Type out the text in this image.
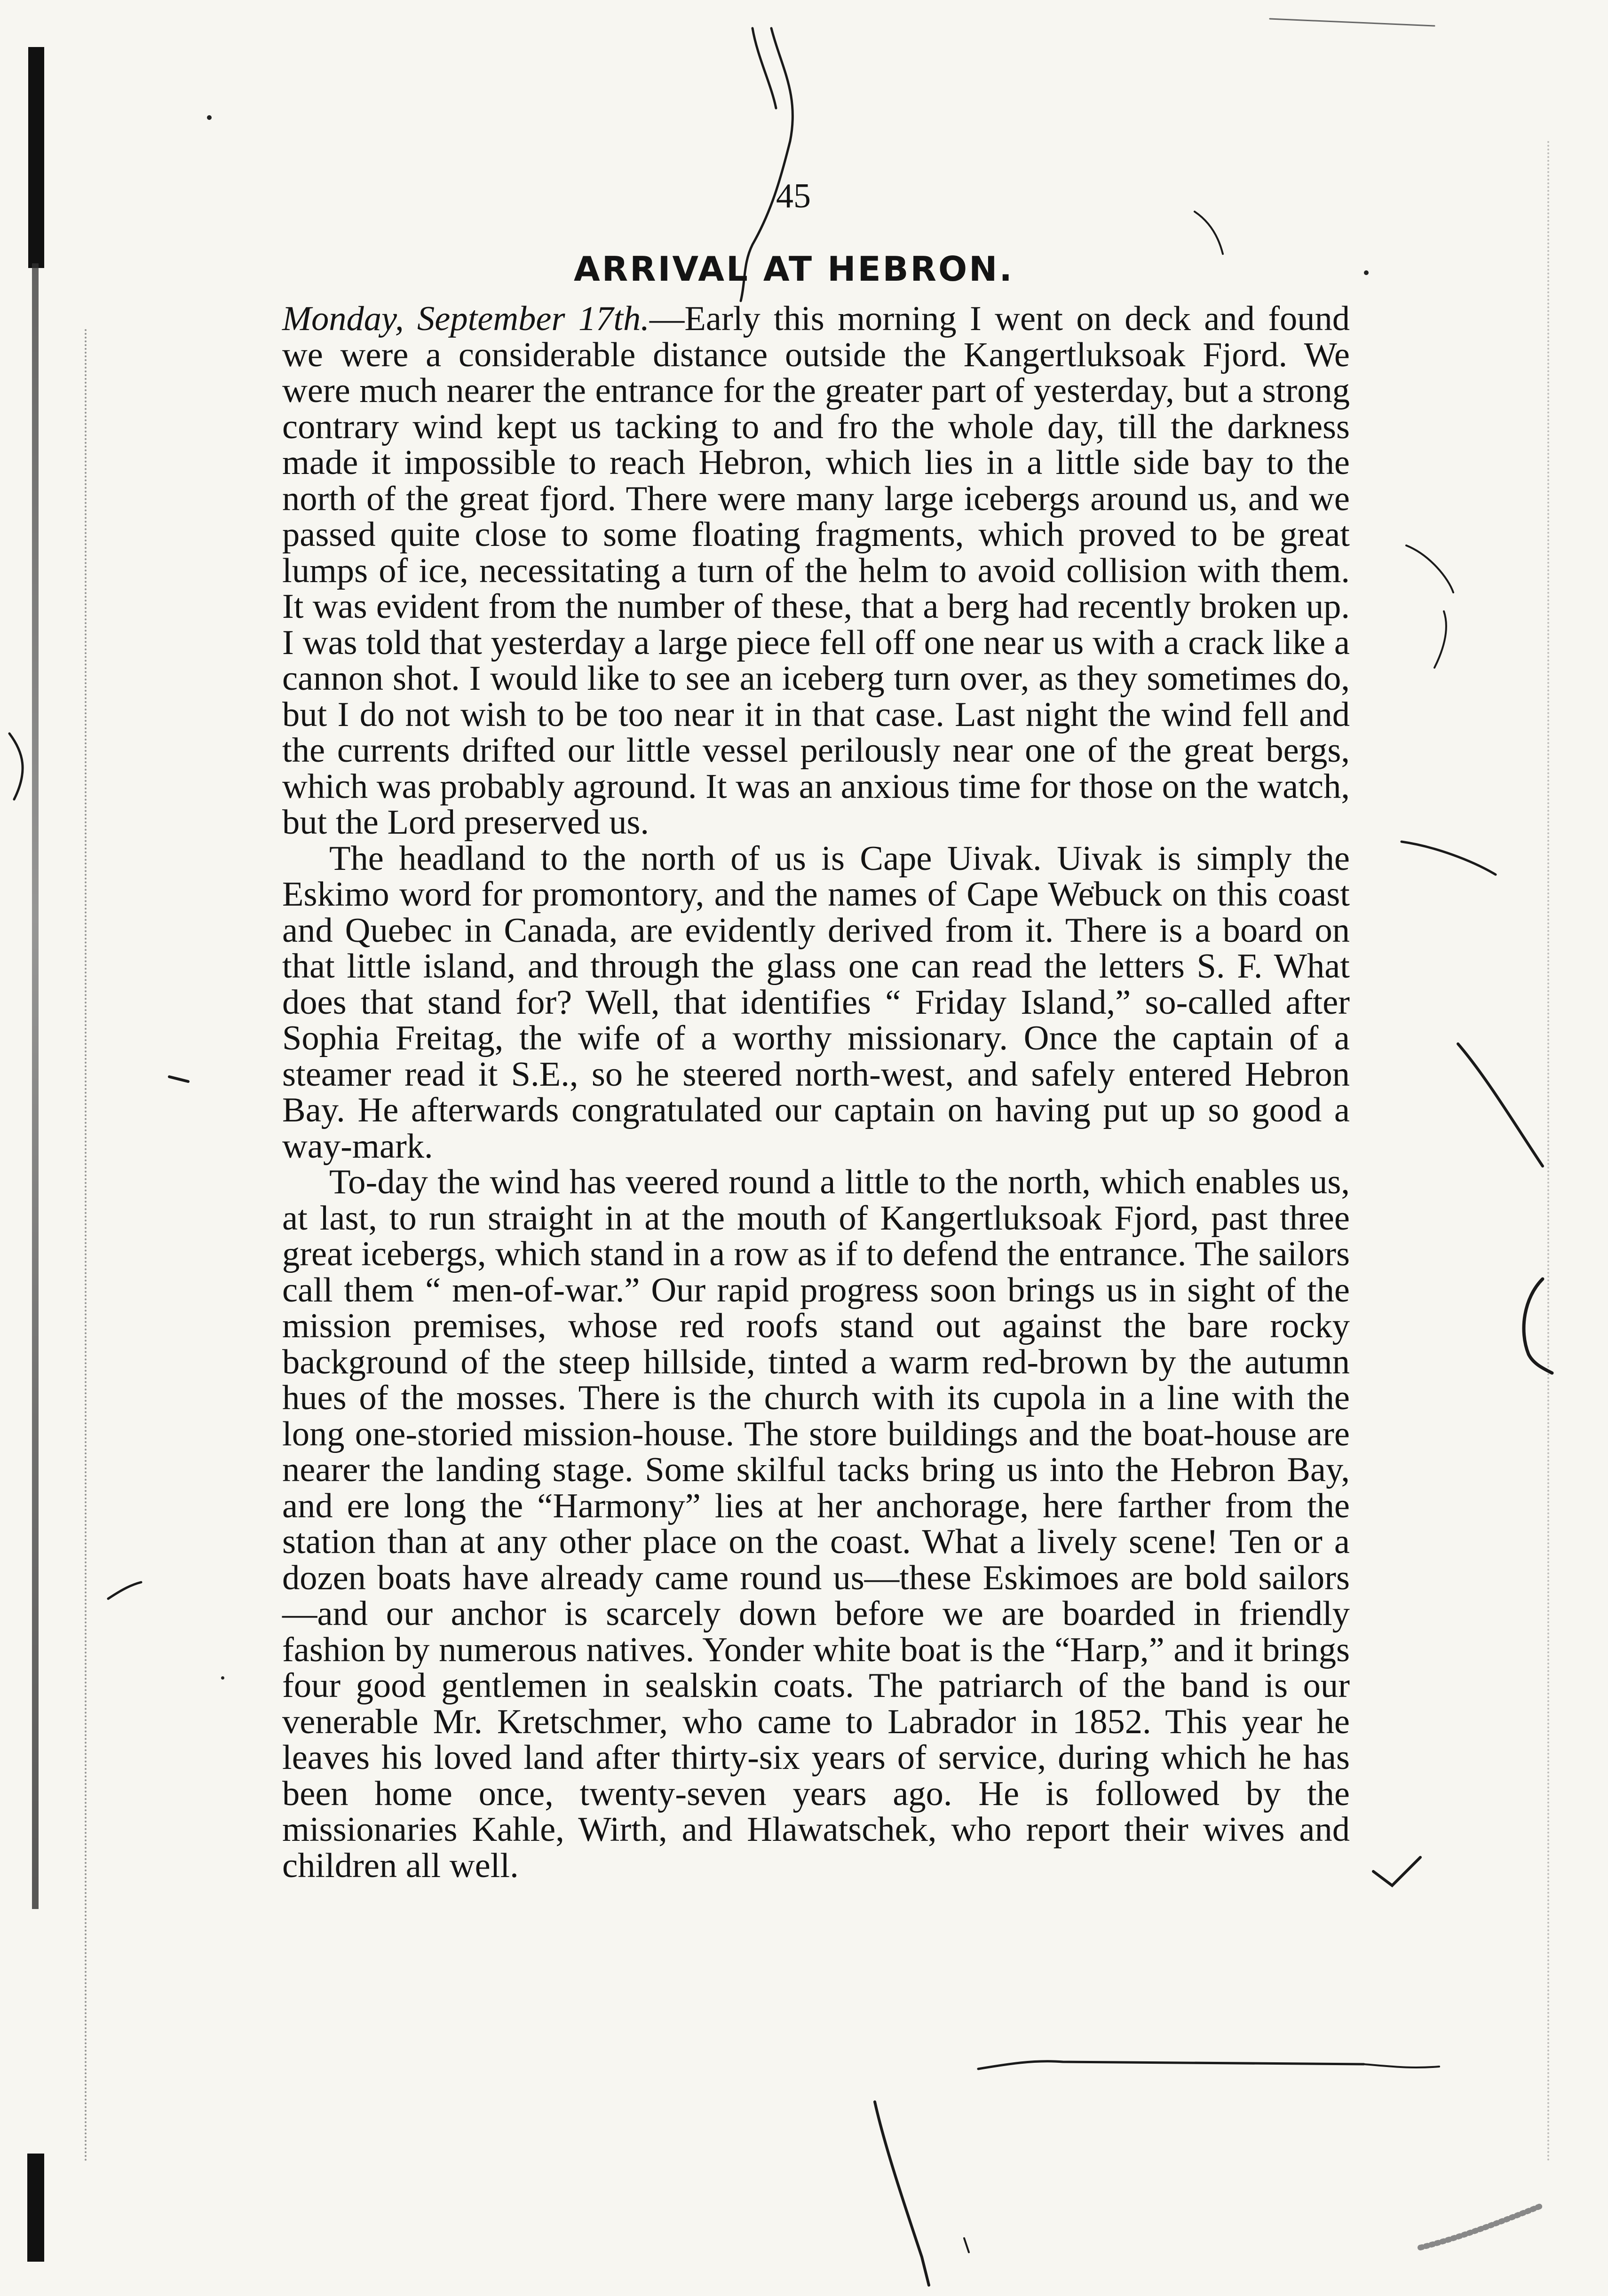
45
ARRIVAL AT HEBRON.

Monday, September 17th.—Early this morning I went on deck and found we were a considerable distance outside the Kangertluksoak Fjord. We were much nearer the entrance for the greater part of yesterday, but a strong contrary wind kept us tacking to and fro the whole day, till the darkness made it impossible to reach Hebron, which lies in a little side bay to the north of the great fjord. There were many large icebergs around us, and we passed quite close to some floating fragments, which proved to be great lumps of ice, necessitating a turn of the helm to avoid collision with them. It was evident from the number of these, that a berg had recently broken up. I was told that yesterday a large piece fell off one near us with a crack like a cannon shot. I would like to see an iceberg turn over, as they sometimes do, but I do not wish to be too near it in that case. Last night the wind fell and the currents drifted our little vessel perilously near one of the great bergs, which was probably aground. It was an anxious time for those on the watch, but the Lord preserved us.

The headland to the north of us is Cape Uivak. Uivak is simply the Eskimo word for promontory, and the names of Cape Webuck on this coast and Quebec in Canada, are evidently derived from it. There is a board on that little island, and through the glass one can read the letters S. F. What does that stand for? Well, that identifies “ Friday Island,” so-called after Sophia Freitag, the wife of a worthy missionary. Once the captain of a steamer read it S.E., so he steered north-west, and safely entered Hebron Bay. He afterwards congratulated our captain on having put up so good a way-mark.

To-day the wind has veered round a little to the north, which enables us, at last, to run straight in at the mouth of Kangertluksoak Fjord, past three great icebergs, which stand in a row as if to defend the entrance. The sailors call them “ men-of-war.” Our rapid progress soon brings us in sight of the mission premises, whose red roofs stand out against the bare rocky background of the steep hillside, tinted a warm red-brown by the autumn hues of the mosses. There is the church with its cupola in a line with the long one-storied mission-house. The store buildings and the boat-house are nearer the landing stage. Some skilful tacks bring us into the Hebron Bay, and ere long the “Harmony” lies at her anchorage, here farther from the station than at any other place on the coast. What a lively scene! Ten or a dozen boats have already came round us—these Eskimoes are bold sailors—and our anchor is scarcely down before we are boarded in friendly fashion by numerous natives. Yonder white boat is the “Harp,” and it brings four good gentlemen in sealskin coats. The patriarch of the band is our venerable Mr. Kretschmer, who came to Labrador in 1852. This year he leaves his loved land after thirty-six years of service, during which he has been home once, twenty-seven years ago. He is followed by the missionaries Kahle, Wirth, and Hlawatschek, who report their wives and children all well.
